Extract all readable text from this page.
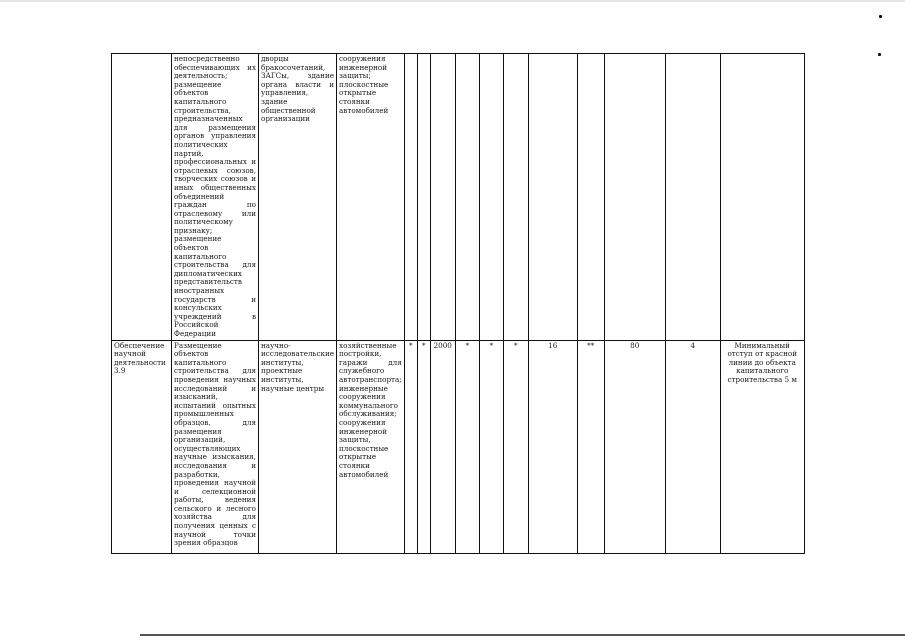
	непосредственно обеспечивающих их деятельность; размещение объектов капитального строительства, предназначенных для размещения органов управления политических партий, профессиональных и отраслевых союзов, творческих союзов и иных общественных объединений граждан по отраслевому или политическому признаку; размещение объектов капитального строительства для дипломатических представительств иностранных государств и консульских учреждений в Российской Федерации	дворцы бракосочетаний, ЗАГСы, здание органа власти и управления, здание общественной организации	сооружения инженерной защиты; плоскостные открытые стоянки автомобилей											
Обеспечение научной деятельности 3.9	Размещение объектов капитального строительства для проведения научных исследований и изысканий, испытаний опытных промышленных образцов, для размещения организаций, осуществляющих научные изыскания, исследования и разработки, проведения научной и селекционной работы, ведения сельского и лесного хозяйства для получения ценных с научной точки зрения образцов	научно-исследовательские институты, проектные институты, научные центры	хозяйственные постройки, гаражи для служебного автотранспорта; инженерные сооружения коммунального обслуживания; сооружения инженерной защиты, плоскостные открытые стоянки автомобилей	*	*	2000	*	*	*	16	**	80	4	Минимальный отступ от красной линии до объекта капитального строительства 5 м
